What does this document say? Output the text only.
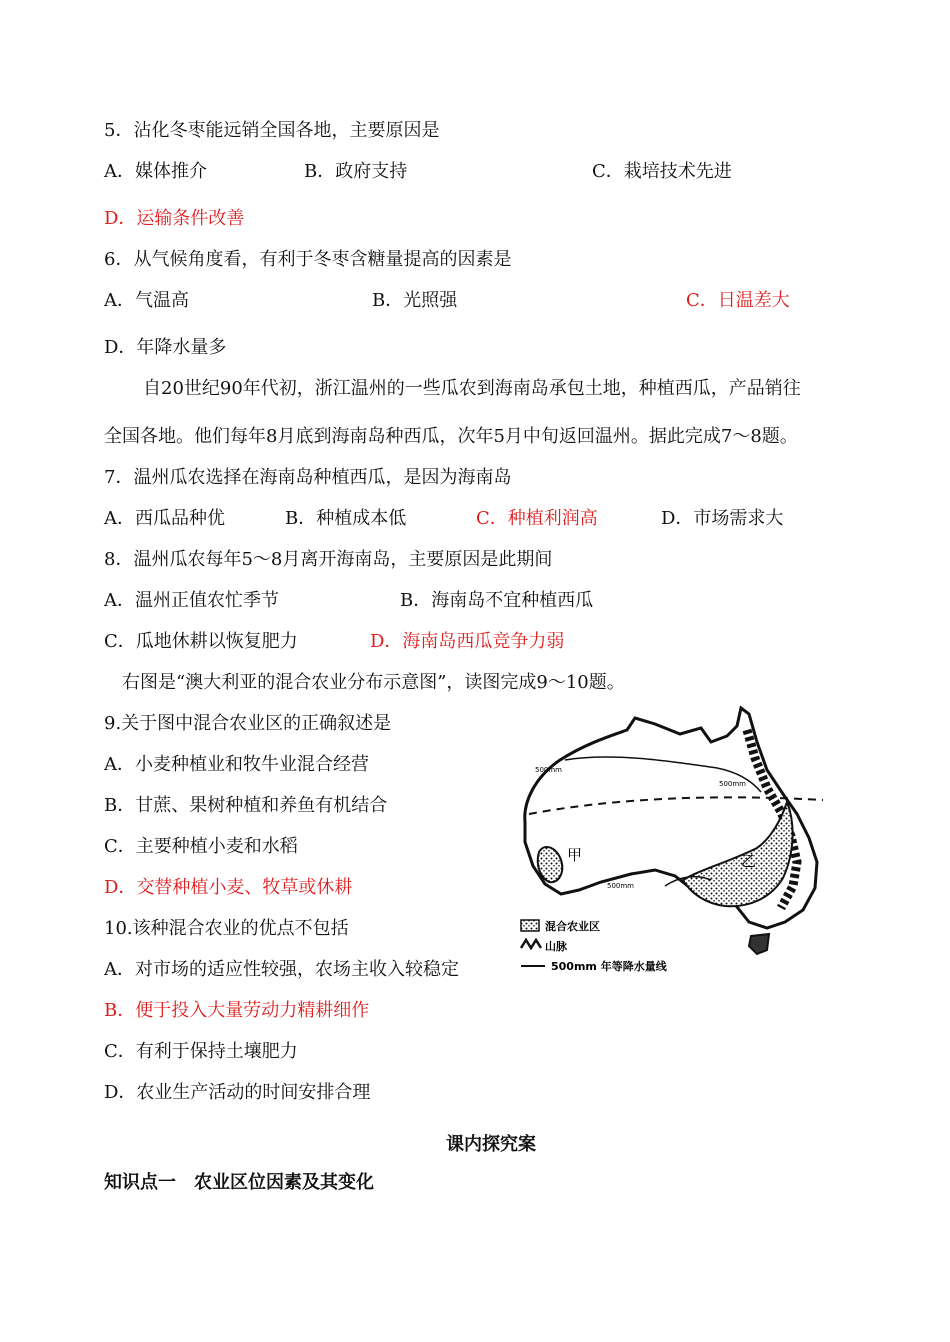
5．沾化冬枣能远销全国各地，主要原因是
A．媒体推介	B．政府支持	C．栽培技术先进
D．运输条件改善
6．从气候角度看，有利于冬枣含糖量提高的因素是
A．气温高	B．光照强	C．日温差大
D．年降水量多
自20世纪90年代初，浙江温州的一些瓜农到海南岛承包土地，种植西瓜，产品销往
全国各地。他们每年8月底到海南岛种西瓜，次年5月中旬返回温州。据此完成7～8题。
7．温州瓜农选择在海南岛种植西瓜，是因为海南岛
A．西瓜品种优	B．种植成本低	C．种植利润高	D．市场需求大
8．温州瓜农每年5～8月离开海南岛，主要原因是此期间
A．温州正值农忙季节	B．海南岛不宜种植西瓜
C．瓜地休耕以恢复肥力	D．海南岛西瓜竞争力弱
右图是“澳大利亚的混合农业分布示意图”，读图完成9～10题。
9.关于图中混合农业区的正确叙述是
A．小麦种植业和牧牛业混合经营
B．甘蔗、果树种植和养鱼有机结合
C．主要种植小麦和水稻
D．交替种植小麦、牧草或休耕
10.该种混合农业的优点不包括
A．对市场的适应性较强，农场主收入较稳定
B．便于投入大量劳动力精耕细作
C．有利于保持土壤肥力
D．农业生产活动的时间安排合理
课内探究案
知识点一　农业区位因素及其变化
500mm
500mm
500mm
甲	乙
混合农业区
山脉
500mm 年等降水量线
